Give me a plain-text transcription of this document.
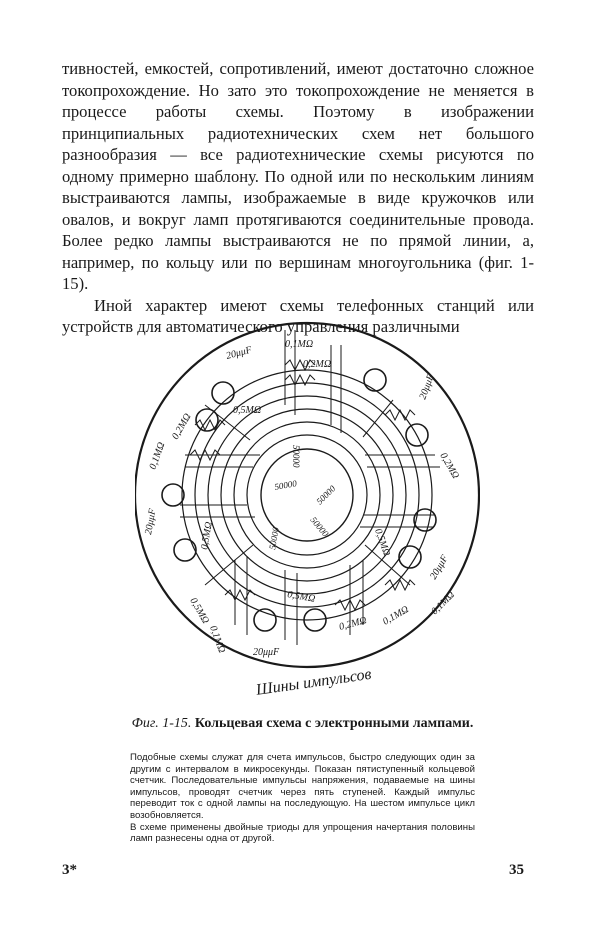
тивностей, емкостей, сопротивлений, имеют достаточно сложное токопрохождение. Но зато это токопрохождение не меняется в процессе работы схемы. Поэтому в изображении принципиальных радиотехнических схем нет большого разнообразия — все радиотехнические схемы рисуются по одному примерно шаблону. По одной или по нескольким линиям выстраиваются лампы, изображаемые в виде кружочков или овалов, и вокруг ламп протягиваются соединительные провода. Более редко лампы выстраиваются не по прямой линии, а, например, по кольцу или по вершинам многоугольника (фиг. 1-15).

Иной характер имеют схемы телефонных станций или устройств для автоматического управления различными

20μμF
0,1MΩ
0,2MΩ
0,5MΩ
0,2MΩ
0,1MΩ
20μμF	0,5MΩ
50000
50000
50000
50000	50000
0,5MΩ
0,1MΩ	20μμF
0,5MΩ
0,2MΩ 0,1MΩ
20μμF
0,5MΩ
20μμF
0,2MΩ
0,1MΩ
Шины импульсов
Фиг. 1-15. Кольцевая схема с электронными лампами.

Подобные схемы служат для счета импульсов, быстро следующих один за другим с интервалом в микросекунды. Показан пятиступенный кольцевой счетчик. Последовательные импульсы напряжения, подаваемые на шины импульсов, проводят счетчик через пять ступеней. Каждый импульс переводит ток с одной лампы на последующую. На шестом импульсе цикл возобновляется.

В схеме применены двойные триоды для упрощения начертания половины ламп разнесены одна от другой.

3*	35
